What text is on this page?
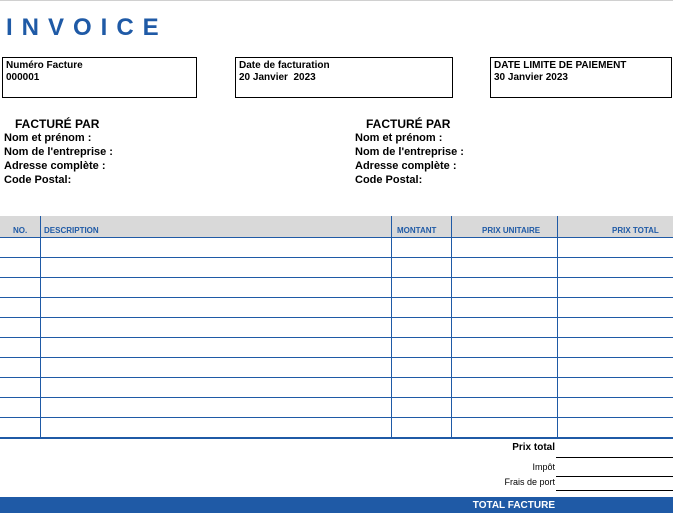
INVOICE
Numéro Facture
000001
Date de facturation
20 Janvier  2023
DATE LIMITE DE PAIEMENT
30 Janvier 2023
FACTURÉ PAR
Nom et prénom :
Nom de l'entreprise :
Adresse complète :
Code Postal:
FACTURÉ PAR
Nom et prénom :
Nom de l'entreprise :
Adresse complète :
Code Postal:
NO. DESCRIPTION	MONTANT	PRIX UNITAIRE	PRIX TOTAL
Prix total
Impôt
Frais de port
TOTAL FACTURE
